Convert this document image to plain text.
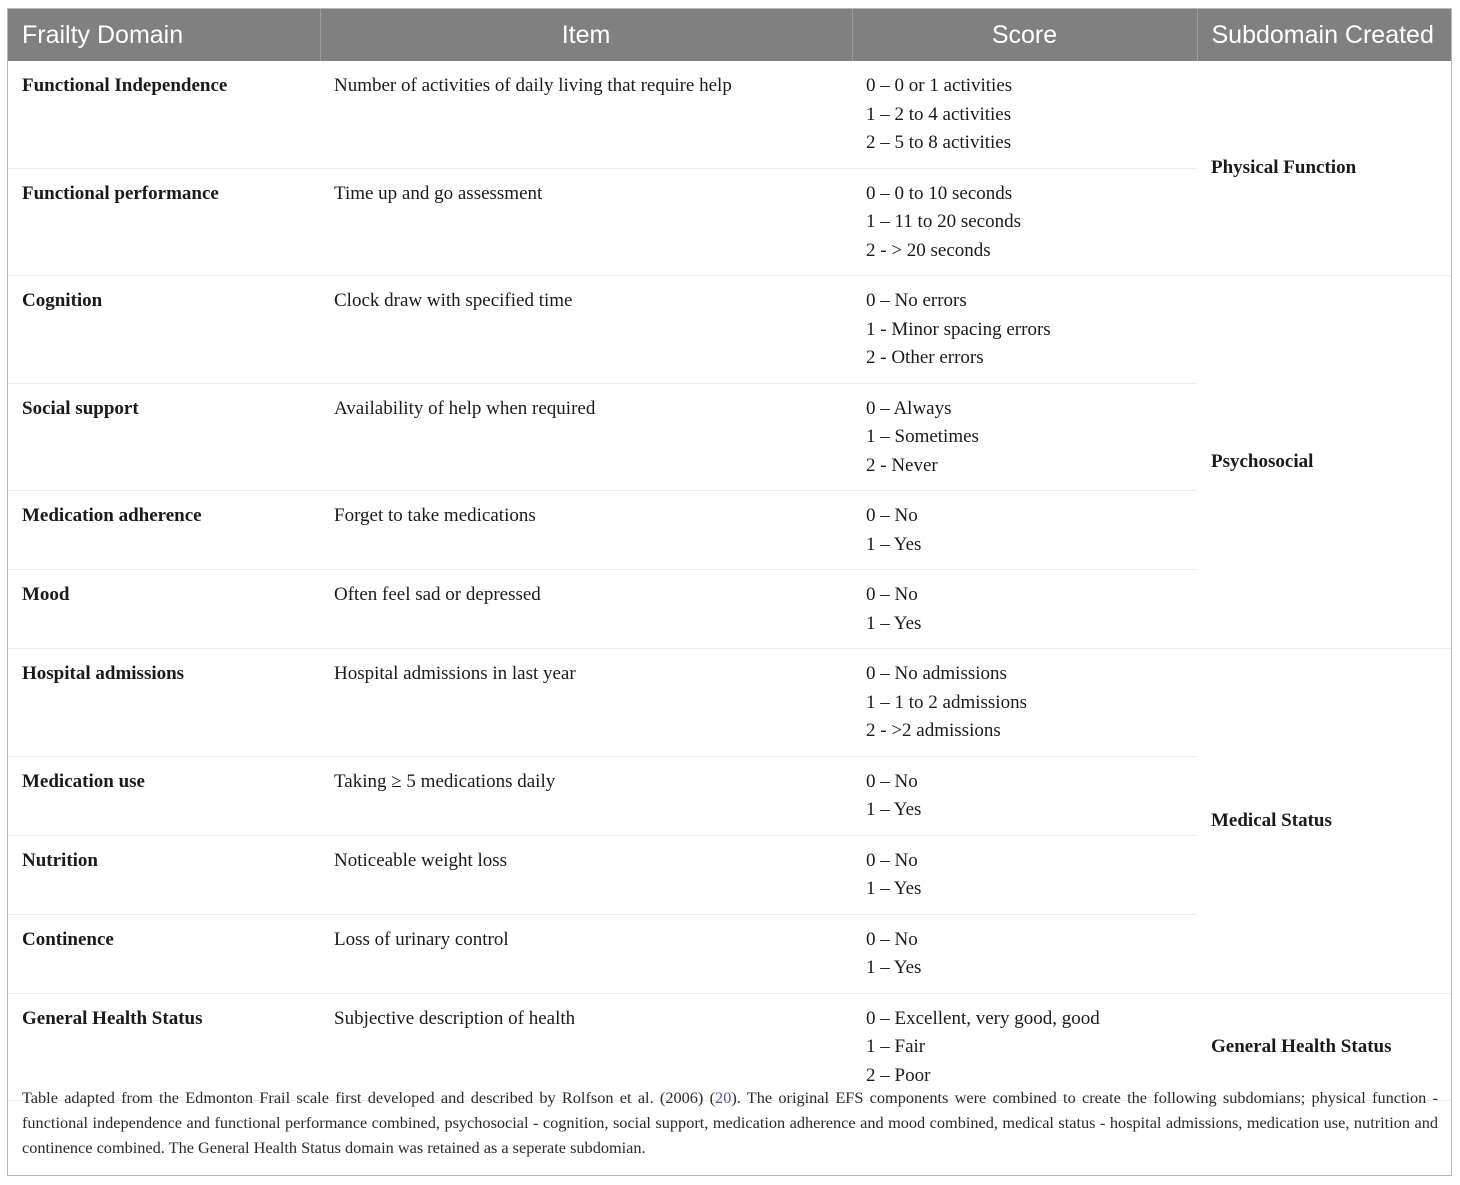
Frailty Domain	Item	Score	Subdomain Created

Functional Independence	Number of activities of daily living that require help	0 – 0 or 1 activities
1 – 2 to 4 activities
2 – 5 to 8 activities	Physical Function

Functional performance	Time up and go assessment	0 – 0 to 10 seconds
1 – 11 to 20 seconds
2 - > 20 seconds	

Cognition	Clock draw with specified time	0 – No errors
1 - Minor spacing errors
2 - Other errors	Psychosocial

Social support	Availability of help when required	0 – Always
1 – Sometimes
2 - Never	

Medication adherence	Forget to take medications	0 – No
1 – Yes	

Mood	Often feel sad or depressed	0 – No
1 – Yes	

Hospital admissions	Hospital admissions in last year	0 – No admissions
1 – 1 to 2 admissions
2 - >2 admissions	Medical Status

Medication use	Taking ≥ 5 medications daily	0 – No
1 – Yes	

Nutrition	Noticeable weight loss	0 – No
1 – Yes	

Continence	Loss of urinary control	0 – No
1 – Yes	

General Health Status	Subjective description of health	0 – Excellent, very good, good
1 – Fair
2 – Poor	General Health Status
Table adapted from the Edmonton Frail scale first developed and described by Rolfson et al. (2006) (20). The original EFS components were combined to create the following subdomians; physical function - functional independence and functional performance combined, psychosocial - cognition, social support, medication adherence and mood combined, medical status - hospital admissions, medication use, nutrition and continence combined. The General Health Status domain was retained as a seperate subdomian.
